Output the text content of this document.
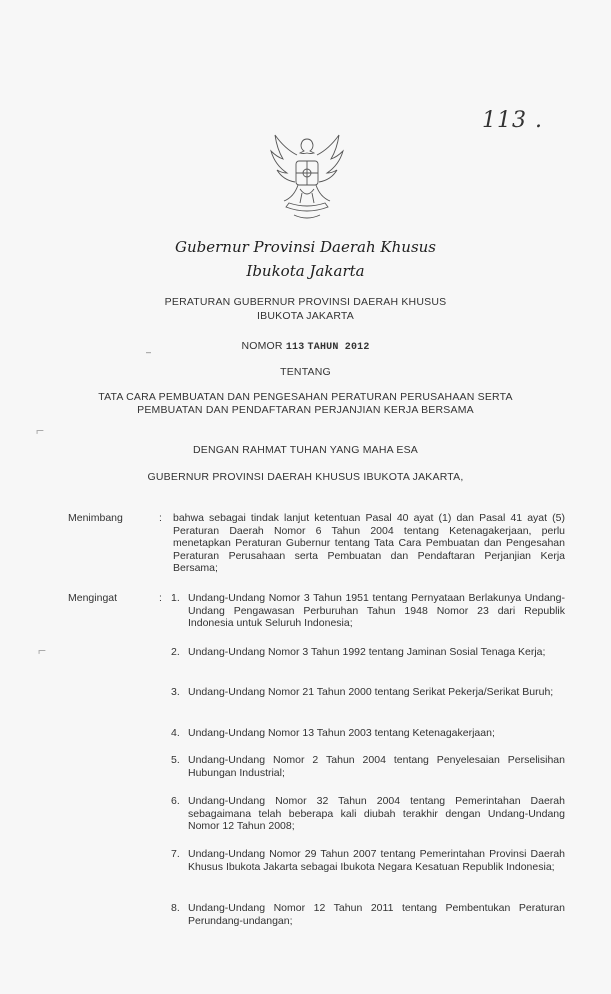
113 .
Gubernur Provinsi Daerah Khusus
Ibukota Jakarta
PERATURAN GUBERNUR PROVINSI DAERAH KHUSUS
IBUKOTA JAKARTA
–	NOMOR 113 TAHUN 2012
TENTANG
TATA CARA PEMBUATAN DAN PENGESAHAN PERATURAN PERUSAHAAN SERTA
PEMBUATAN DAN PENDAFTARAN PERJANJIAN KERJA BERSAMA
⌐
DENGAN RAHMAT TUHAN YANG MAHA ESA
GUBERNUR PROVINSI DAERAH KHUSUS IBUKOTA JAKARTA,
Menimbang	: bahwa sebagai tindak lanjut ketentuan Pasal 40 ayat (1) dan Pasal 41 ayat (5) Peraturan Daerah Nomor 6 Tahun 2004 tentang Ketenagakerjaan, perlu menetapkan Peraturan Gubernur tentang Tata Cara Pembuatan dan Pengesahan Peraturan Perusahaan serta Pembuatan dan Pendaftaran Perjanjian Kerja Bersama;
Mengingat	:
⌐
1. Undang-Undang Nomor 3 Tahun 1951 tentang Pernyataan Berlakunya Undang-Undang Pengawasan Perburuhan Tahun 1948 Nomor 23 dari Republik Indonesia untuk Seluruh Indonesia;
2. Undang-Undang Nomor 3 Tahun 1992 tentang Jaminan Sosial Tenaga Kerja;
3. Undang-Undang Nomor 21 Tahun 2000 tentang Serikat Pekerja/Serikat Buruh;
4. Undang-Undang Nomor 13 Tahun 2003 tentang Ketenagakerjaan;
5. Undang-Undang Nomor 2 Tahun 2004 tentang Penyelesaian Perselisihan Hubungan Industrial;
6. Undang-Undang Nomor 32 Tahun 2004 tentang Pemerintahan Daerah sebagaimana telah beberapa kali diubah terakhir dengan Undang-Undang Nomor 12 Tahun 2008;
7. Undang-Undang Nomor 29 Tahun 2007 tentang Pemerintahan Provinsi Daerah Khusus Ibukota Jakarta sebagai Ibukota Negara Kesatuan Republik Indonesia;
8. Undang-Undang Nomor 12 Tahun 2011 tentang Pembentukan Peraturan Perundang-undangan;
